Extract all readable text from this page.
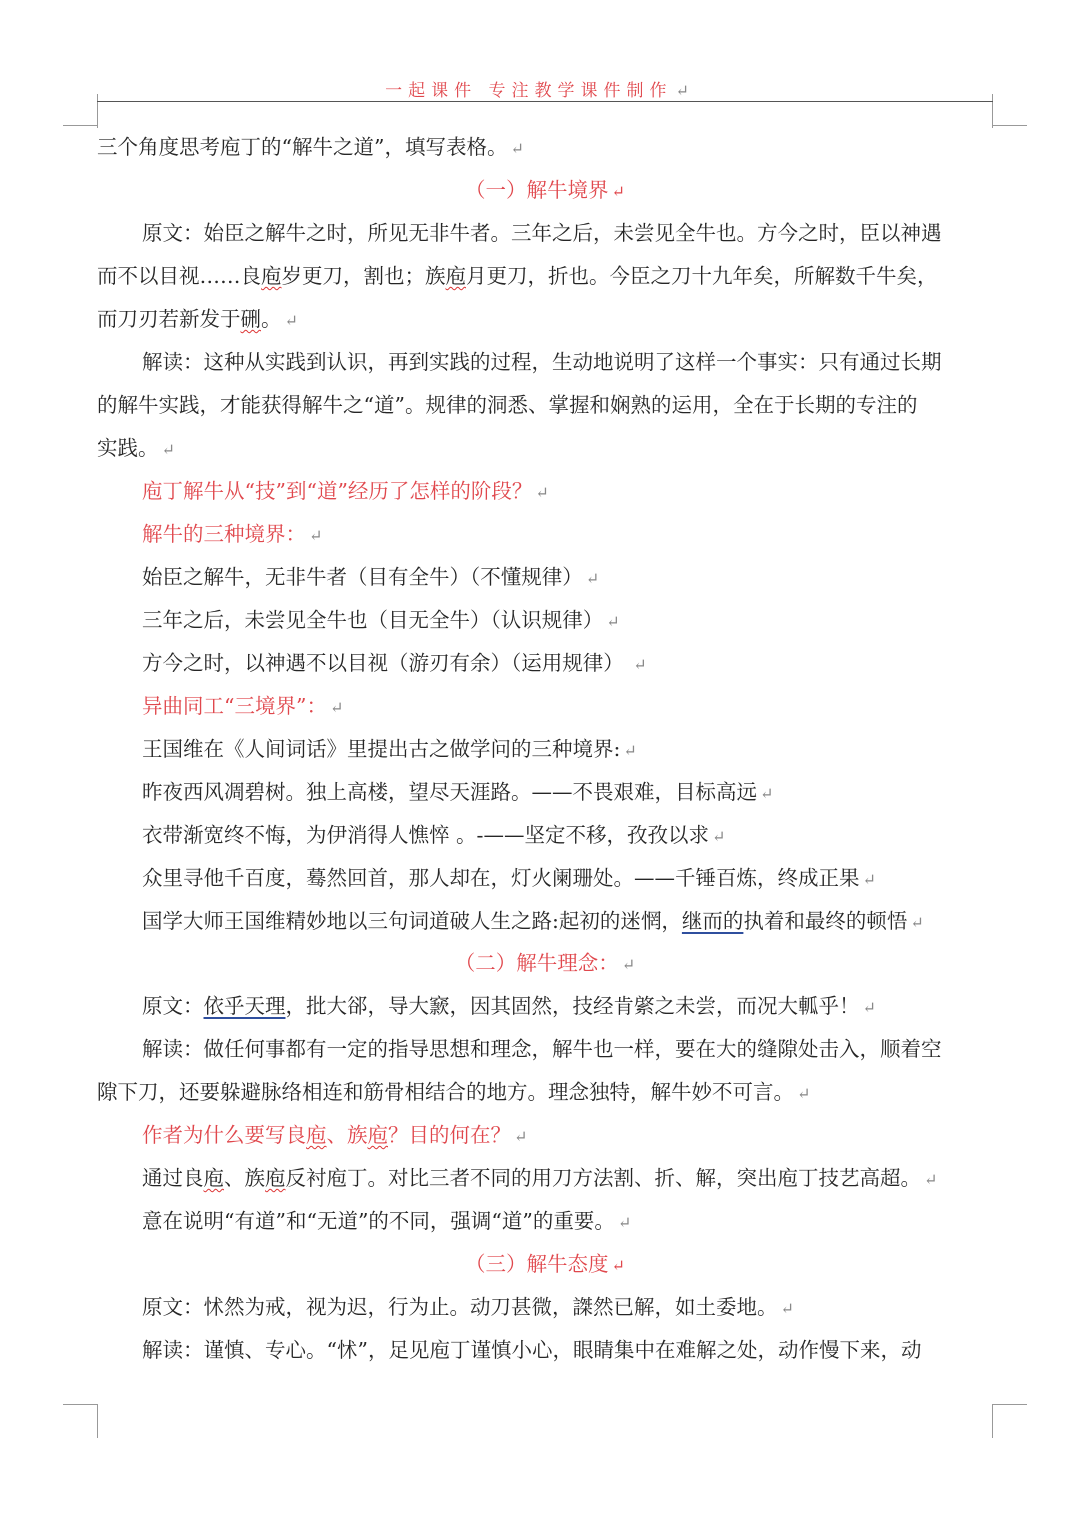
一起课件 专注教学课件制作 ↵
三个角度思考庖丁的“解牛之道”，填写表格。 ↵
（一）解牛境界 ↵
原文：始臣之解牛之时，所见无非牛者。三年之后，未尝见全牛也。方今之时，臣以神遇
而不以目视……良庖岁更刀，割也；族庖月更刀，折也。今臣之刀十九年矣，所解数千牛矣，
而刀刃若新发于硎。 ↵
解读：这种从实践到认识，再到实践的过程，生动地说明了这样一个事实：只有通过长期
的解牛实践，才能获得解牛之“道”。规律的洞悉、掌握和娴熟的运用，全在于长期的专注的
实践。 ↵
庖丁解牛从“技”到“道”经历了怎样的阶段？ ↵
解牛的三种境界： ↵
始臣之解牛，无非牛者（目有全牛）（不懂规律） ↵
三年之后，未尝见全牛也（目无全牛）（认识规律） ↵
方今之时，以神遇不以目视（游刃有余）（运用规律） ↵
异曲同工“三境界”： ↵
王国维在《人间词话》里提出古之做学问的三种境界: ↵
昨夜西风凋碧树。独上高楼，望尽天涯路。——不畏艰难，目标高远 ↵
衣带渐宽终不悔，为伊消得人憔悴 。-——坚定不移，孜孜以求 ↵
众里寻他千百度，蓦然回首，那人却在，灯火阑珊处。——千锤百炼，终成正果 ↵
国学大师王国维精妙地以三句词道破人生之路:起初的迷惘，继而的执着和最终的顿悟 ↵
（二）解牛理念： ↵
原文：依乎天理，批大郤，导大窾，因其固然，技经肯綮之未尝，而况大軱乎！ ↵
解读：做任何事都有一定的指导思想和理念，解牛也一样，要在大的缝隙处击入，顺着空
隙下刀，还要躲避脉络相连和筋骨相结合的地方。理念独特，解牛妙不可言。 ↵
作者为什么要写良庖、族庖？目的何在？ ↵
通过良庖、族庖反衬庖丁。对比三者不同的用刀方法割、折、解，突出庖丁技艺高超。 ↵
意在说明“有道”和“无道”的不同，强调“道”的重要。 ↵
（三）解牛态度 ↵
原文：怵然为戒，视为迟，行为止。动刀甚微，謋然已解，如土委地。 ↵
解读：谨慎、专心。“怵”，足见庖丁谨慎小心，眼睛集中在难解之处，动作慢下来，动
